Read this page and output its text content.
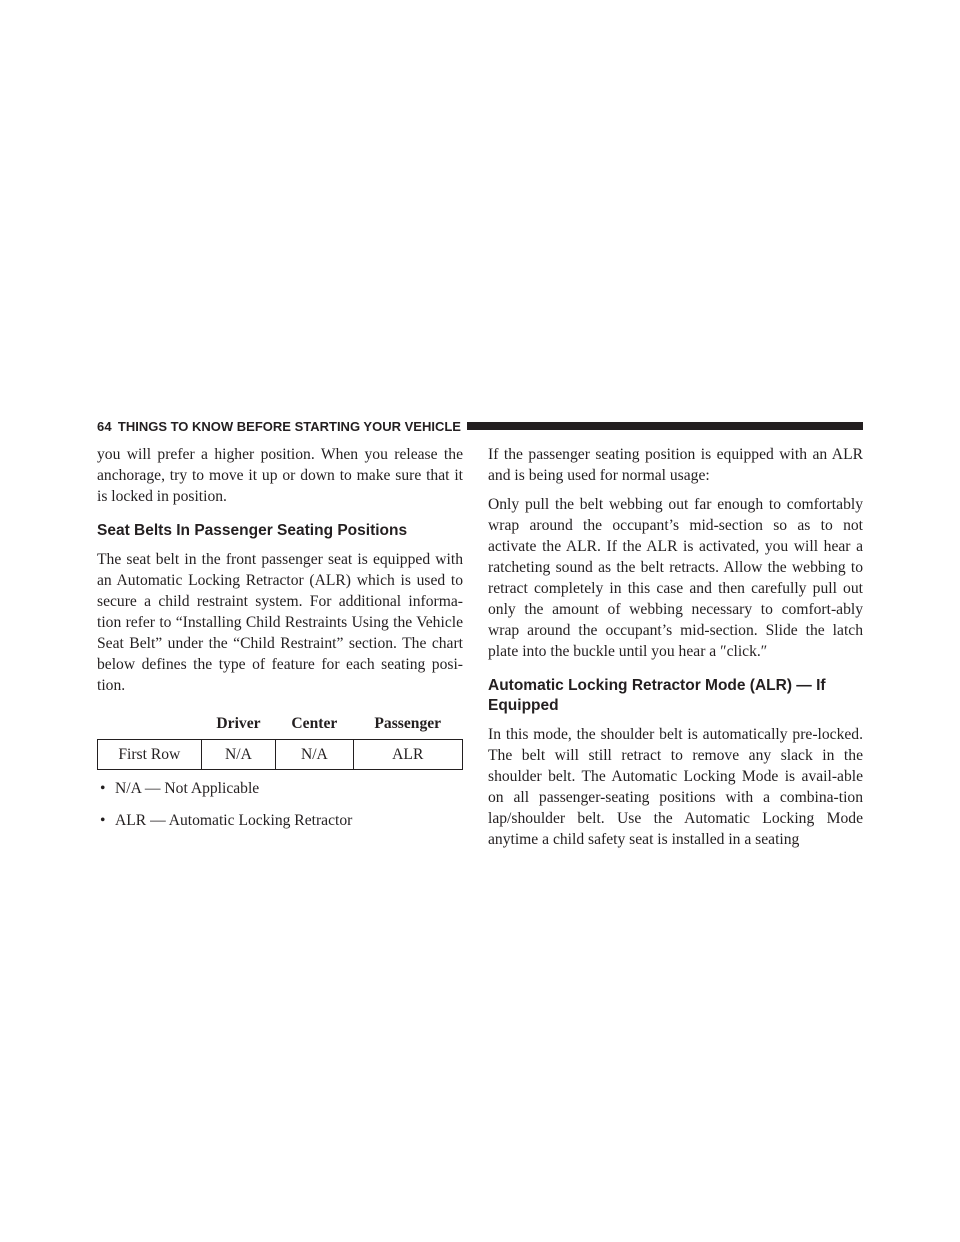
64 THINGS TO KNOW BEFORE STARTING YOUR VEHICLE

you will prefer a higher position. When you release the anchorage, try to move it up or down to make sure that it is locked in position.

Seat Belts In Passenger Seating Positions

The seat belt in the front passenger seat is equipped with an Automatic Locking Retractor (ALR) which is used to secure a child restraint system. For additional informa-tion refer to “Installing Child Restraints Using the Vehicle Seat Belt” under the “Child Restraint” section. The chart below defines the type of feature for each seating posi-tion.

	Driver	Center	Passenger
First Row	N/A	N/A	ALR
• N/A — Not Applicable
• ALR — Automatic Locking Retractor

If the passenger seating position is equipped with an ALR and is being used for normal usage:

Only pull the belt webbing out far enough to comfortably wrap around the occupant’s mid-section so as to not activate the ALR. If the ALR is activated, you will hear a ratcheting sound as the belt retracts. Allow the webbing to retract completely in this case and then carefully pull out only the amount of webbing necessary to comfort-ably wrap around the occupant’s mid-section. Slide the latch plate into the buckle until you hear a ″click.″

Automatic Locking Retractor Mode (ALR) — If Equipped

In this mode, the shoulder belt is automatically pre-locked. The belt will still retract to remove any slack in the shoulder belt. The Automatic Locking Mode is avail-able on all passenger-seating positions with a combina-tion lap/shoulder belt. Use the Automatic Locking Mode anytime a child safety seat is installed in a seating
